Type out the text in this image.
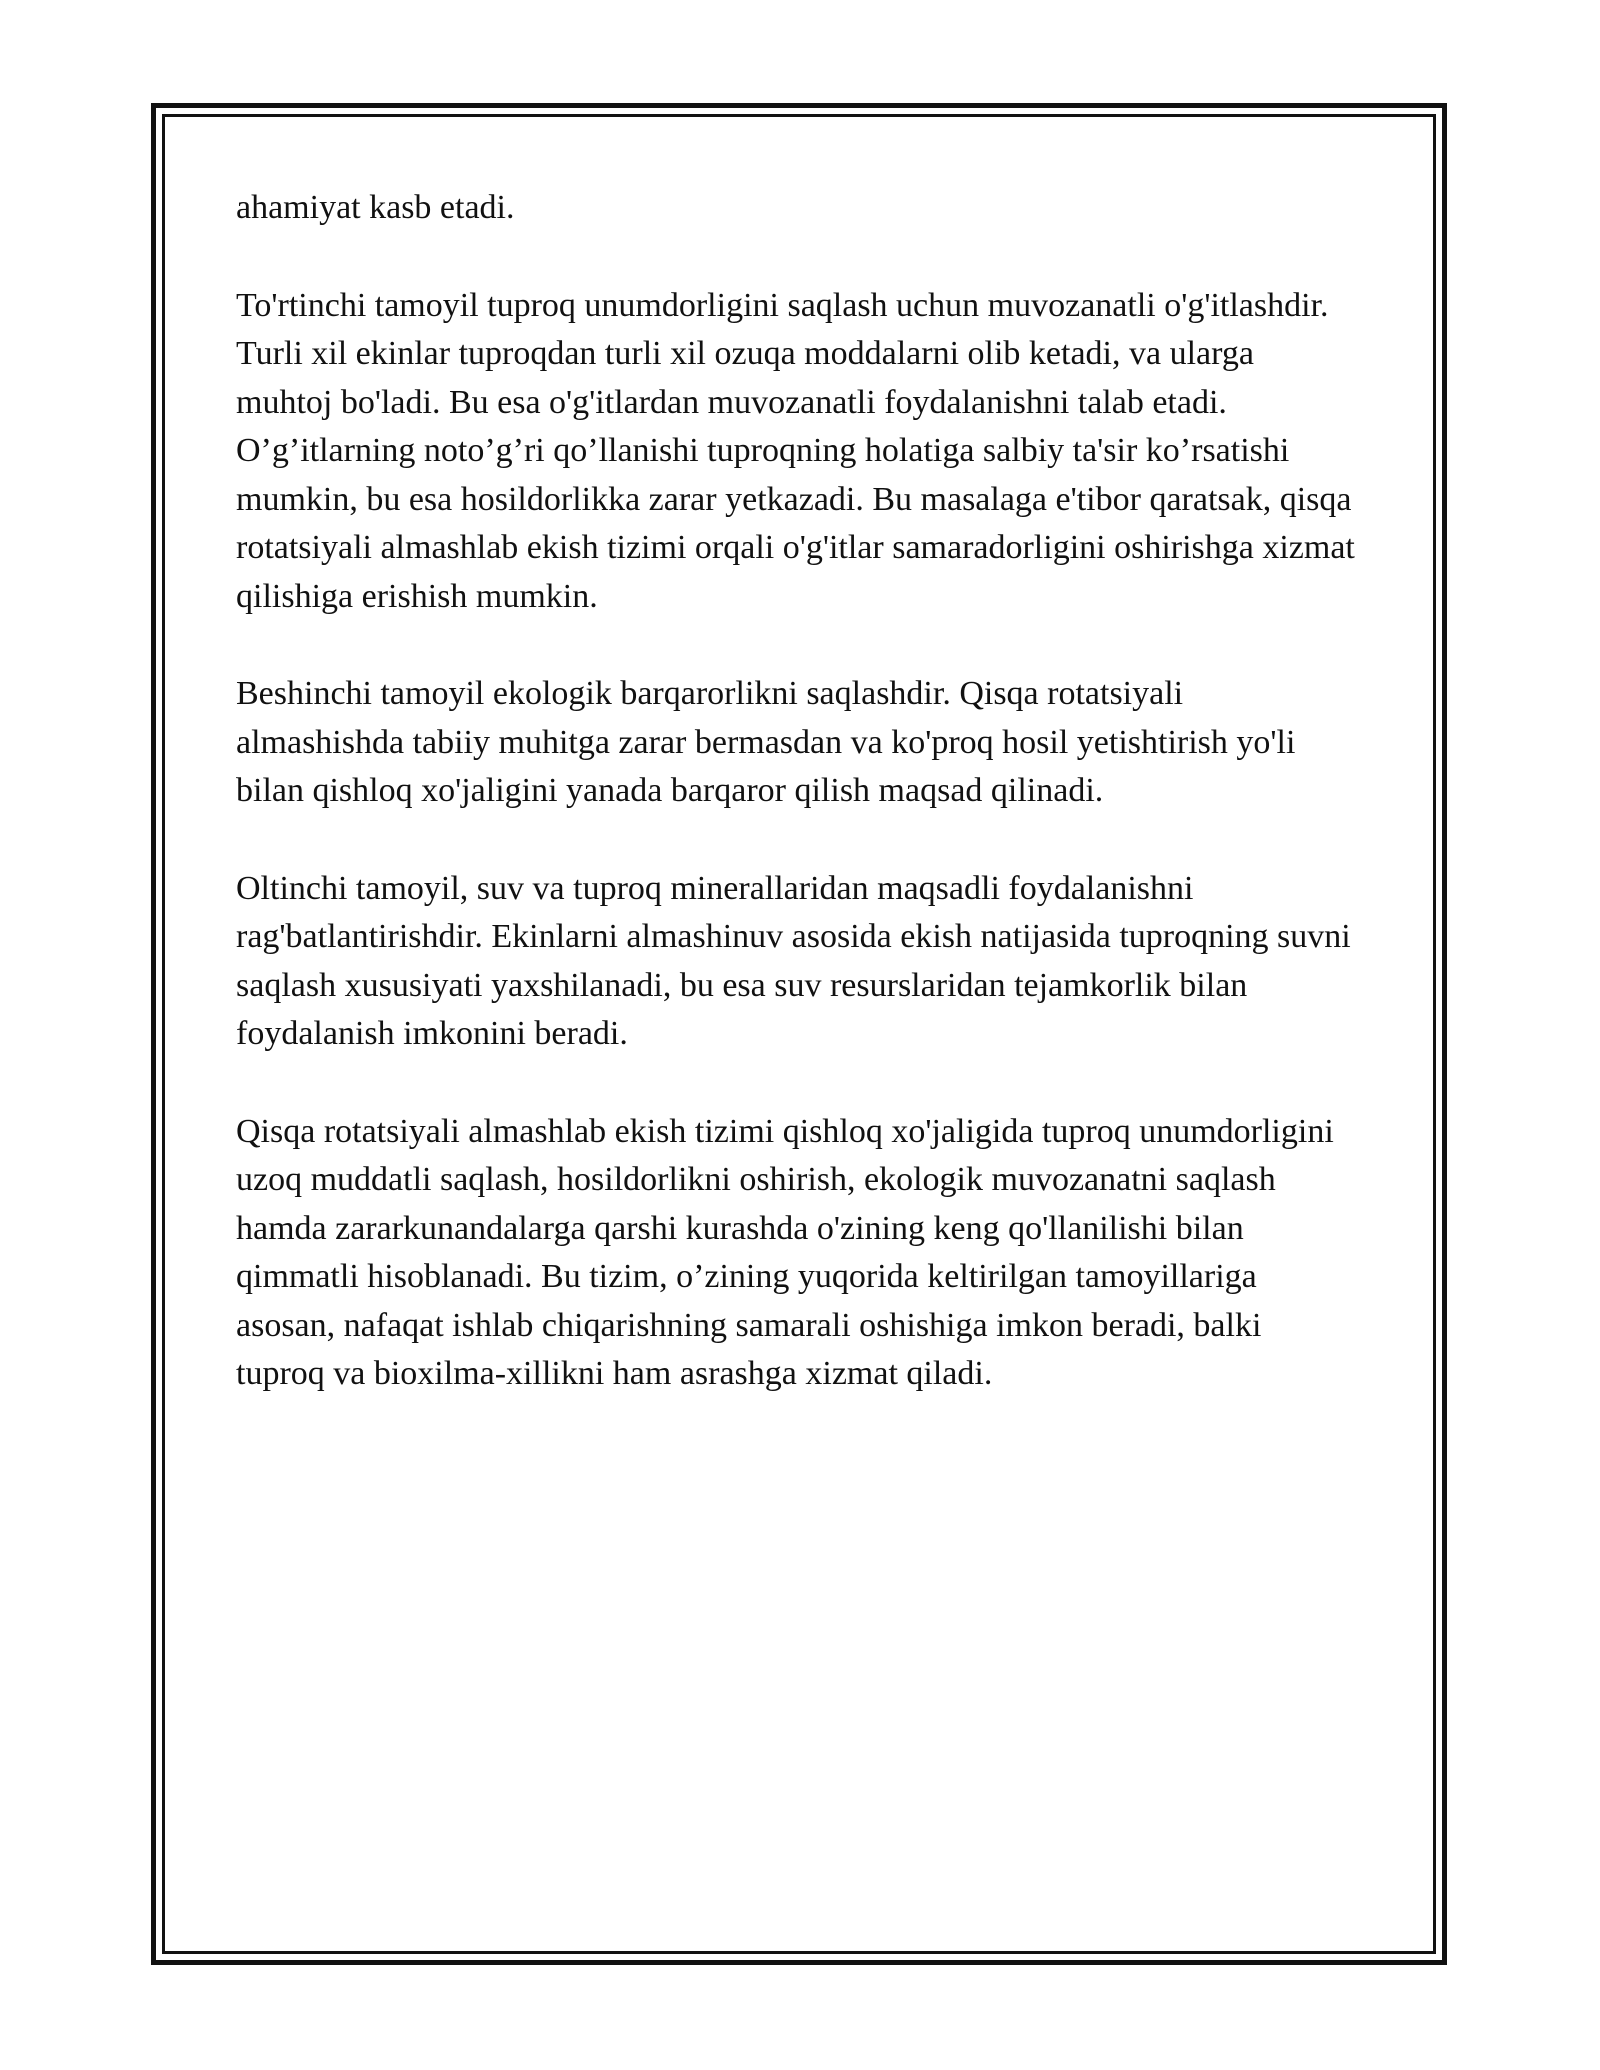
ahamiyat kasb etadi.

To'rtinchi tamoyil tuproq unumdorligini saqlash uchun muvozanatli o'g'itlashdir. Turli xil ekinlar tuproqdan turli xil ozuqa moddalarni olib ketadi, va ularga muhtoj bo'ladi. Bu esa o'g'itlardan muvozanatli foydalanishni talab etadi. O’g’itlarning noto’g’ri qo’llanishi tuproqning holatiga salbiy ta'sir ko’rsatishi mumkin, bu esa hosildorlikka zarar yetkazadi. Bu masalaga e'tibor qaratsak, qisqa rotatsiyali almashlab ekish tizimi orqali o'g'itlar samaradorligini oshirishga xizmat qilishiga erishish mumkin.

Beshinchi tamoyil ekologik barqarorlikni saqlashdir. Qisqa rotatsiyali almashishda tabiiy muhitga zarar bermasdan va ko'proq hosil yetishtirish yo'li bilan qishloq xo'jaligini yanada barqaror qilish maqsad qilinadi.

Oltinchi tamoyil, suv va tuproq minerallaridan maqsadli foydalanishni rag'batlantirishdir. Ekinlarni almashinuv asosida ekish natijasida tuproqning suvni saqlash xususiyati yaxshilanadi, bu esa suv resurslaridan tejamkorlik bilan foydalanish imkonini beradi.

Qisqa rotatsiyali almashlab ekish tizimi qishloq xo'jaligida tuproq unumdorligini uzoq muddatli saqlash, hosildorlikni oshirish, ekologik muvozanatni saqlash hamda zararkunandalarga qarshi kurashda o'zining keng qo'llanilishi bilan qimmatli hisoblanadi. Bu tizim, o’zining yuqorida keltirilgan tamoyillariga asosan, nafaqat ishlab chiqarishning samarali oshishiga imkon beradi, balki tuproq va bioxilma-xillikni ham asrashga xizmat qiladi.
